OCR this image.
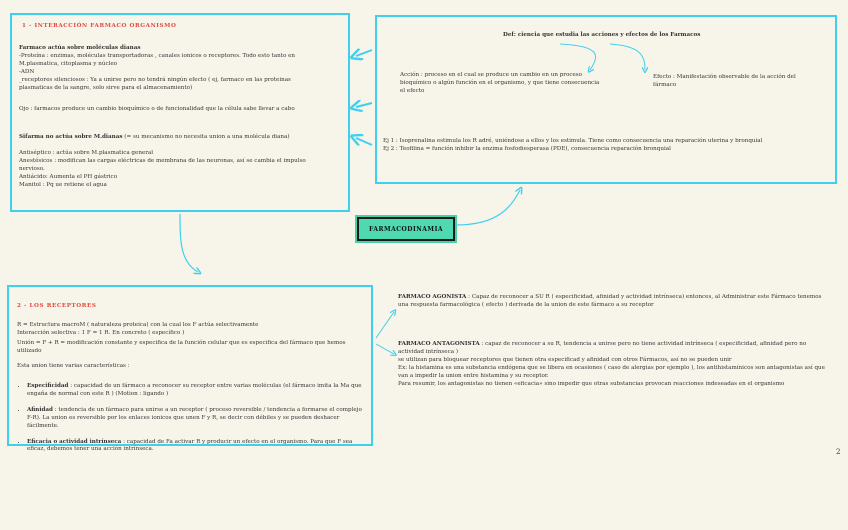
1 - INTERACCIÓN FARMACO ORGANISMO

Farmaco actúa sobre moléculas dianas

-Proteína : enzimas, moléculas transportadoras , canales ionicos o receptores. Todo esto tanto en M.plasmatica, citoplasma y núcleo
-ADN
_receptores silenciosos : Ya a unirse pero no tendrá ningún efecto ( ej, farmaco en las proteinas plasmaticas de la sangre, solo sirve para el almacenamiento)

Ojo : farmacos produce un cambio bioquímico o de funcionalidad que la célula sabe llevar a cabo

Sifarma no actúa sobre M.dianas (= su mecanismo no necesita union a una molécula diana)

Antiséptico : actúa sobre M.plasmatica general
Anestésicos : modifican las cargas eléctricas de membrana de las neuronas, así se cambia el impulso nervioso.
Antiácido: Aumenta el PH gástrico
Manitol : Pq ue retiene el agua

Def: ciencia que estudia las acciones y efectos de los Farmacos

Acción : proceso en el cual se produce un cambio en un proceso bioquímico o algún función en el organismo, y que tiene consecuencia el efecto

Efecto : Manifestación observable de la acción del fármaco

Ej 1 : Isoprenalina estimula los R adré, uniéndose a ellos y los estimula. Tiene como consecuencia una reparación uterina y bronquial

Ej 2 : Teofilina = función inhibir la enzima fosfodiesperasa (PDE), consecuencia reparación bronquial

FARMACODINAMIA

2 - LOS RECEPTORES

R = Estructura macroM ( naturaleza proteica) con la cual los F actúa selectivamente
Interacción selectiva : 1 F = 1 R. En concreto ( específico )

Unión = F + R = modificación constante y especifica de la función celular que es especifica del fármaco que hemos utilizado

Esta union tiene varias características :

• Especificidad : capacidad de un fármaco a reconocer su receptor entre varias moléculas (el fármaco imita la Ma que engaña de normal con este R ) (Motion : ligando )

• Afinidad : tendencia de un fármaco para unirse a un receptor ( proceso reversible / tendencia a formarse el complejo F-R). La union es reversible por los enlaces ionicos que unen F y R, se decir con débiles y se pueden deshacer fácilmente.

• Eficacia o actividad intrínseca : capacidad de Fa activar R y producir un efecto en el organismo. Para que F sea eficaz, debemos tener una acción intrínseca.

FARMACO AGONISTA : Capaz de reconocer a SU R ( especificidad, afinidad y actividad intrínseca) entonces, al Administrar este Fármaco tenemos una respuesta farmacológica ( efecto ) derivada de la union de este fármaco a su receptor

FARMACO ANTAGONISTA : capaz de reconocer a su R, tendencia a unirse pero no tiene actividad intrínseca ( especificidad, afinidad pero no actividad intrínseca )
se utilizan para bloquear receptores que tienen otra especificad y afinidad con otros Fármacos, así no se pueden unir
Ex: la histamina es una substancia endógena que se libera en ocasiones ( caso de alergias por ejemplo ), los antihistamínicos son antagonistas así que van a impedir la union entre histamina y su receptor.
Para resumir, los antagonistas no tienen «eficacia» sino impedir que otras substancias provocan reacciones indeseadas en el organismo

2
